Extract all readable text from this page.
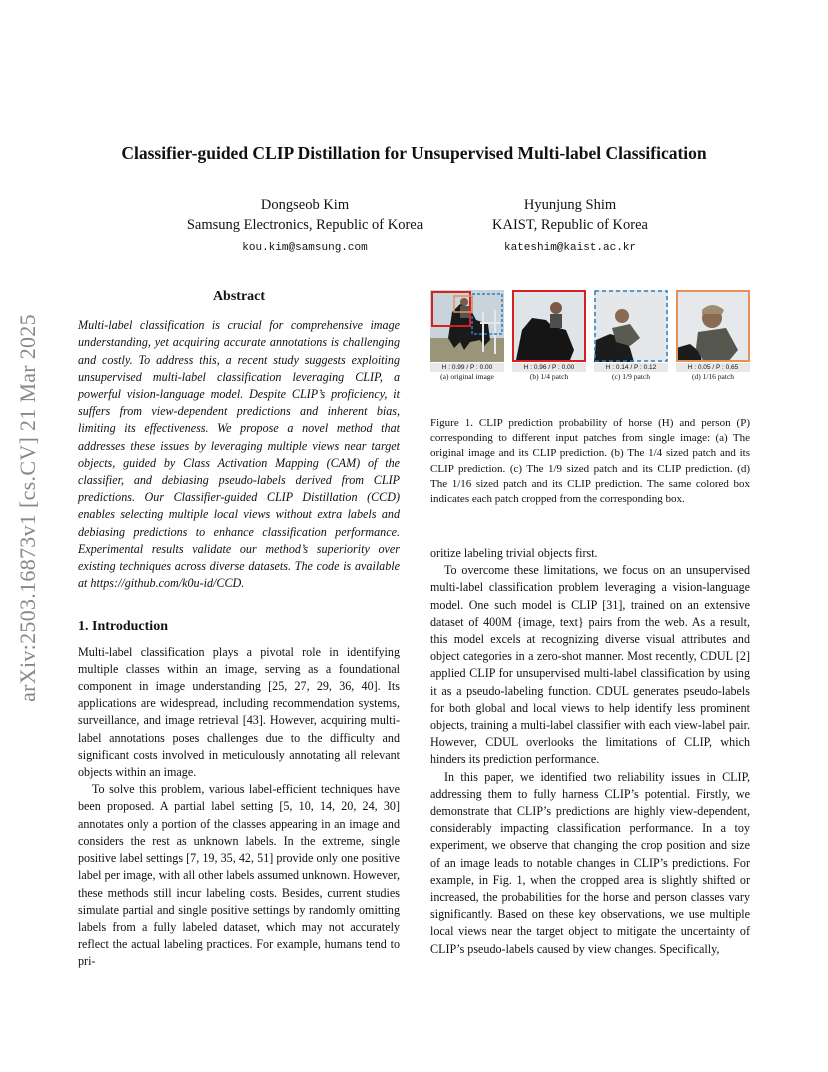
Classifier-guided CLIP Distillation for Unsupervised Multi-label Classification
Dongseob Kim
Samsung Electronics, Republic of Korea
kou.kim@samsung.com
Hyunjung Shim
KAIST, Republic of Korea
kateshim@kaist.ac.kr
arXiv:2503.16873v1 [cs.CV] 21 Mar 2025
Abstract

Multi-label classification is crucial for comprehensive image understanding, yet acquiring accurate annotations is challenging and costly. To address this, a recent study suggests exploiting unsupervised multi-label classification leveraging CLIP, a powerful vision-language model. Despite CLIP’s proficiency, it suffers from view-dependent predictions and inherent bias, limiting its effectiveness. We propose a novel method that addresses these issues by leveraging multiple views near target objects, guided by Class Activation Mapping (CAM) of the classifier, and debiasing pseudo-labels derived from CLIP predictions. Our Classifier-guided CLIP Distillation (CCD) enables selecting multiple local views without extra labels and debiasing predictions to enhance classification performance. Experimental results validate our method’s superiority over existing techniques across diverse datasets. The code is available at https://github.com/k0u-id/CCD.

1. Introduction

Multi-label classification plays a pivotal role in identifying multiple classes within an image, serving as a foundational component in image understanding [25, 27, 29, 36, 40]. Its applications are widespread, including recommendation systems, surveillance, and image retrieval [43]. However, acquiring multi-label annotations poses challenges due to the difficulty and significant costs involved in meticulously annotating all relevant objects within an image.

To solve this problem, various label-efficient techniques have been proposed. A partial label setting [5, 10, 14, 20, 24, 30] annotates only a portion of the classes appearing in an image and considers the rest as unknown labels. In the extreme, single positive label settings [7, 19, 35, 42, 51] provide only one positive label per image, with all other labels assumed unknown. However, these methods still incur labeling costs. Besides, current studies simulate partial and single positive settings by randomly omitting labels from a fully labeled dataset, which may not accurately reflect the actual labeling practices. For example, humans tend to pri-

H : 0.99 / P : 0.00
(a) original image
H : 0.96 / P : 0.00
(b) 1/4 patch
H : 0.14 / P : 0.12
(c) 1/9 patch
H : 0.05 / P : 0.65
(d) 1/16 patch
Figure 1. CLIP prediction probability of horse (H) and person (P) corresponding to different input patches from single image: (a) The original image and its CLIP prediction. (b) The 1/4 sized patch and its CLIP prediction. (c) The 1/9 sized patch and its CLIP prediction. (d) The 1/16 sized patch and its CLIP prediction. The same colored box indicates each patch cropped from the corresponding box.

oritize labeling trivial objects first.

To overcome these limitations, we focus on an unsupervised multi-label classification problem leveraging a vision-language model. One such model is CLIP [31], trained on an extensive dataset of 400M {image, text} pairs from the web. As a result, this model excels at recognizing diverse visual attributes and object categories in a zero-shot manner. Most recently, CDUL [2] applied CLIP for unsupervised multi-label classification by using it as a pseudo-labeling function. CDUL generates pseudo-labels for both global and local views to help identify less prominent objects, training a multi-label classifier with each view-label pair. However, CDUL overlooks the limitations of CLIP, which hinders its prediction performance.

In this paper, we identified two reliability issues in CLIP, addressing them to fully harness CLIP’s potential. Firstly, we demonstrate that CLIP’s predictions are highly view-dependent, considerably impacting classification performance. In a toy experiment, we observe that changing the crop position and size of an image leads to notable changes in CLIP’s predictions. For example, in Fig. 1, when the cropped area is slightly shifted or increased, the probabilities for the horse and person classes vary significantly. Based on these key observations, we use multiple local views near the target object to mitigate the uncertainty of CLIP’s pseudo-labels caused by view changes. Specifically,
